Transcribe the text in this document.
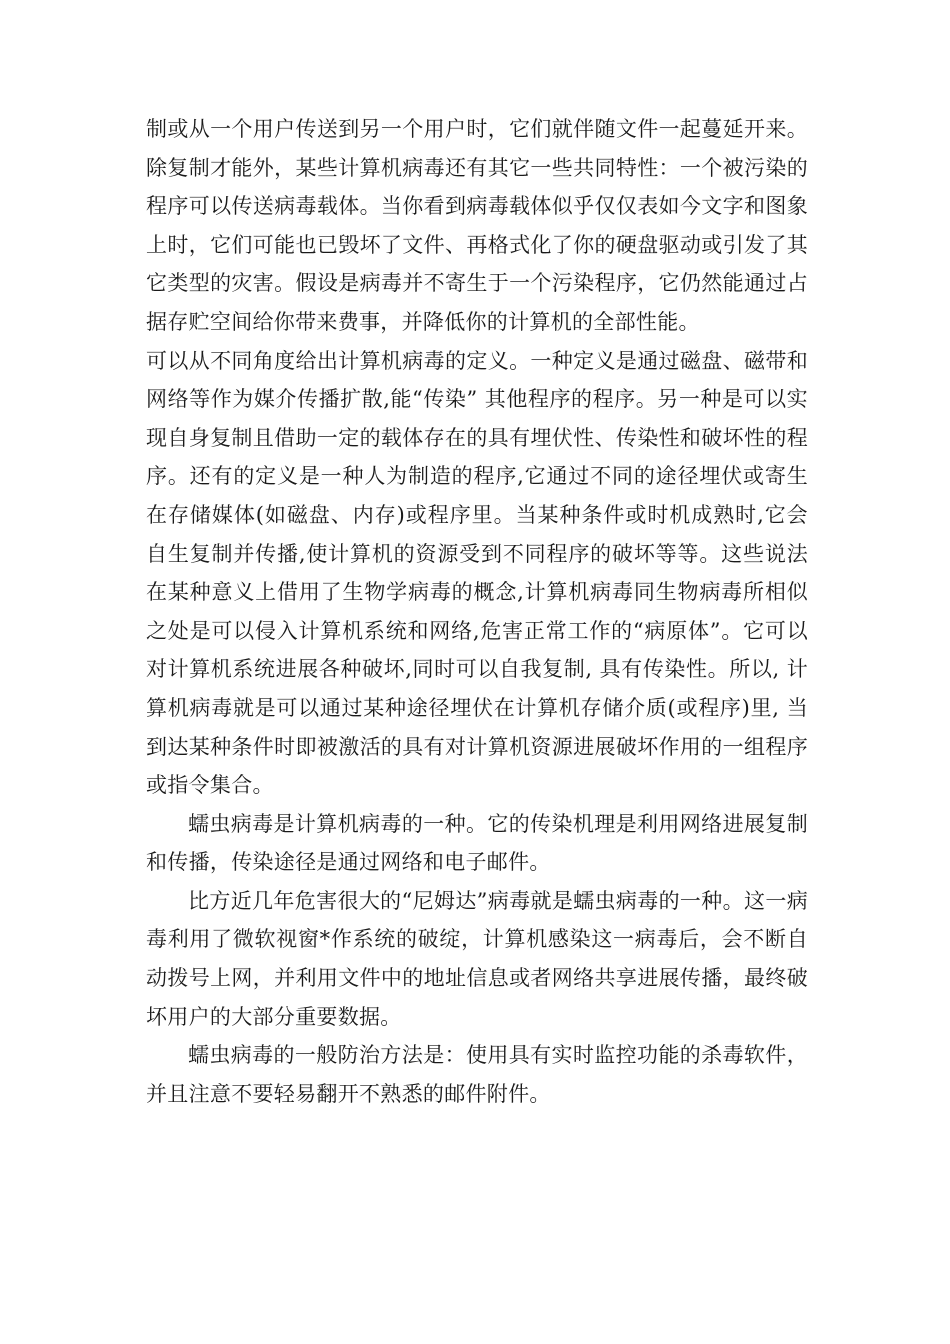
制或从一个用户传送到另一个用户时，它们就伴随文件一起蔓延开来。除复制才能外，某些计算机病毒还有其它一些共同特性：一个被污染的程序可以传送病毒载体。当你看到病毒载体似乎仅仅表如今文字和图象上时，它们可能也已毁坏了文件、再格式化了你的硬盘驱动或引发了其它类型的灾害。假设是病毒并不寄生于一个污染程序，它仍然能通过占据存贮空间给你带来费事，并降低你的计算机的全部性能。

可以从不同角度给出计算机病毒的定义。一种定义是通过磁盘、磁带和网络等作为媒介传播扩散,能“传染” 其他程序的程序。另一种是可以实现自身复制且借助一定的载体存在的具有埋伏性、传染性和破坏性的程序。还有的定义是一种人为制造的程序,它通过不同的途径埋伏或寄生在存储媒体(如磁盘、内存)或程序里。当某种条件或时机成熟时,它会自生复制并传播,使计算机的资源受到不同程序的破坏等等。这些说法在某种意义上借用了生物学病毒的概念,计算机病毒同生物病毒所相似之处是可以侵入计算机系统和网络,危害正常工作的“病原体”。它可以对计算机系统进展各种破坏,同时可以自我复制, 具有传染性。所以, 计算机病毒就是可以通过某种途径埋伏在计算机存储介质(或程序)里, 当到达某种条件时即被激活的具有对计算机资源进展破坏作用的一组程序或指令集合。

蠕虫病毒是计算机病毒的一种。它的传染机理是利用网络进展复制和传播，传染途径是通过网络和电子邮件。

比方近几年危害很大的“尼姆达”病毒就是蠕虫病毒的一种。这一病毒利用了微软视窗*作系统的破绽，计算机感染这一病毒后，会不断自动拨号上网，并利用文件中的地址信息或者网络共享进展传播，最终破坏用户的大部分重要数据。

蠕虫病毒的一般防治方法是：使用具有实时监控功能的杀毒软件，并且注意不要轻易翻开不熟悉的邮件附件。
